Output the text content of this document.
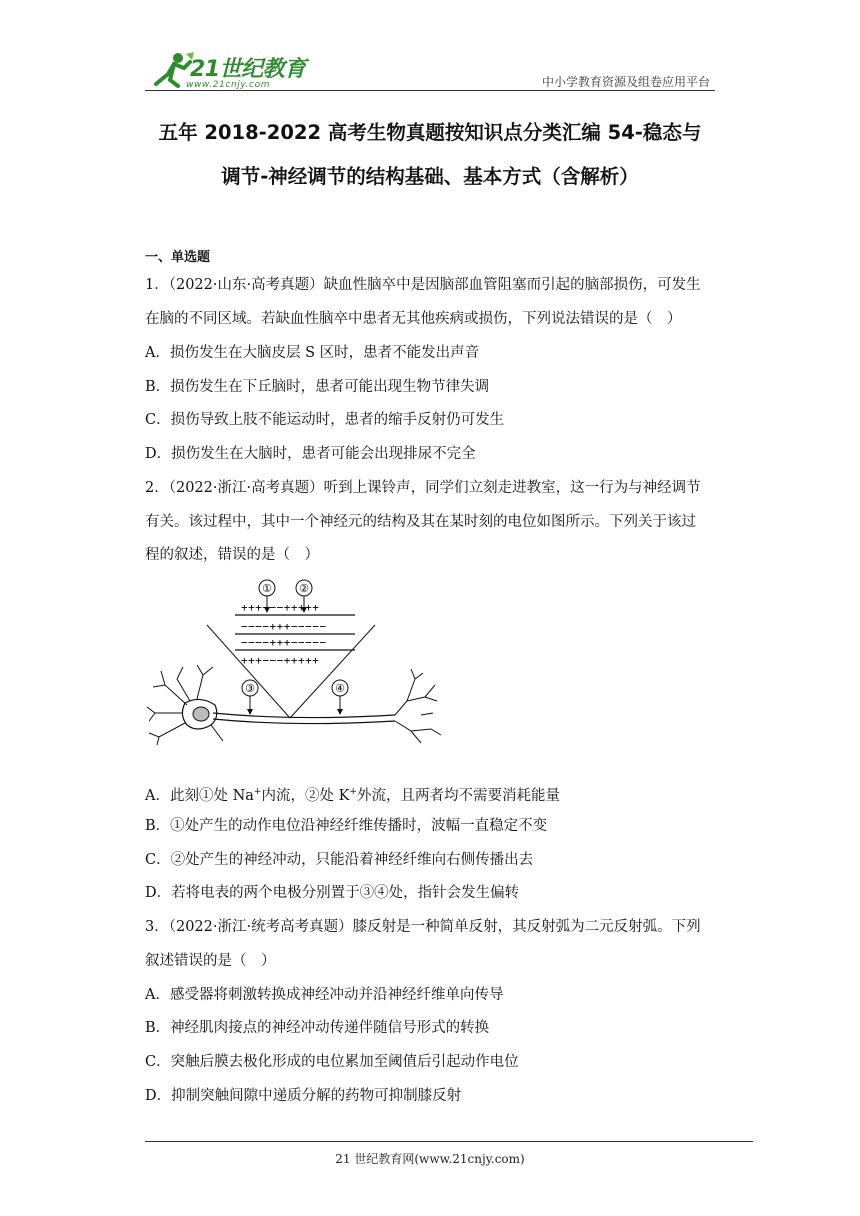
21世纪教育
www.21cnjy.com	中小学教育资源及组卷应用平台
五年 2018-2022 高考生物真题按知识点分类汇编 54-稳态与
调节-神经调节的结构基础、基本方式（含解析）
一、单选题
1．（2022·山东·高考真题）缺血性脑卒中是因脑部血管阻塞而引起的脑部损伤，可发生
在脑的不同区域。若缺血性脑卒中患者无其他疾病或损伤，下列说法错误的是（　）
A．损伤发生在大脑皮层 S 区时，患者不能发出声音
B．损伤发生在下丘脑时，患者可能出现生物节律失调
C．损伤导致上肢不能运动时，患者的缩手反射仍可发生
D．损伤发生在大脑时，患者可能会出现排尿不完全
2．（2022·浙江·高考真题）听到上课铃声，同学们立刻走进教室，这一行为与神经调节
有关。该过程中，其中一个神经元的结构及其在某时刻的电位如图所示。下列关于该过
程的叙述，错误的是（　）
① ②
+++−−−+++++
−−−−+++−−−−−
−−−−+++−−−−−
+++−−−+++++
③	④
A．此刻①处 Na+内流，②处 K+外流，且两者均不需要消耗能量
B．①处产生的动作电位沿神经纤维传播时，波幅一直稳定不变
C．②处产生的神经冲动，只能沿着神经纤维向右侧传播出去
D．若将电表的两个电极分别置于③④处，指针会发生偏转
3．（2022·浙江·统考高考真题）膝反射是一种简单反射，其反射弧为二元反射弧。下列
叙述错误的是（　）
A．感受器将刺激转换成神经冲动并沿神经纤维单向传导
B．神经肌肉接点的神经冲动传递伴随信号形式的转换
C．突触后膜去极化形成的电位累加至阈值后引起动作电位
D．抑制突触间隙中递质分解的药物可抑制膝反射
21 世纪教育网(www.21cnjy.com)
